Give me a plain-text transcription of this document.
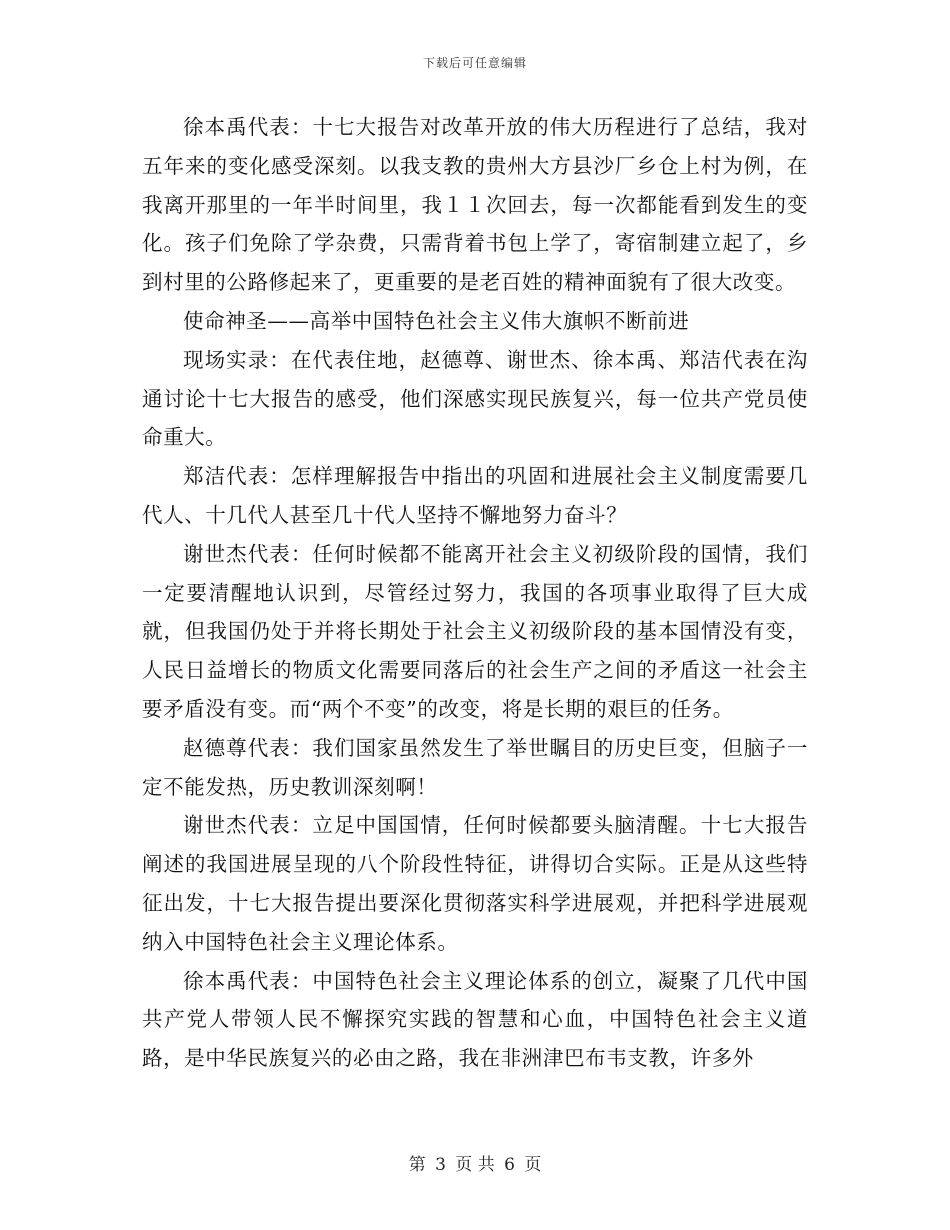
下载后可任意编辑

徐本禹代表：十七大报告对改革开放的伟大历程进行了总结，我对五年来的变化感受深刻。以我支教的贵州大方县沙厂乡仓上村为例，在我离开那里的一年半时间里，我１１次回去，每一次都能看到发生的变化。孩子们免除了学杂费，只需背着书包上学了，寄宿制建立起了，乡到村里的公路修起来了，更重要的是老百姓的精神面貌有了很大改变。

使命神圣——高举中国特色社会主义伟大旗帜不断前进

现场实录：在代表住地，赵德尊、谢世杰、徐本禹、郑洁代表在沟通讨论十七大报告的感受，他们深感实现民族复兴，每一位共产党员使命重大。

郑洁代表：怎样理解报告中指出的巩固和进展社会主义制度需要几代人、十几代人甚至几十代人坚持不懈地努力奋斗？

谢世杰代表：任何时候都不能离开社会主义初级阶段的国情，我们一定要清醒地认识到，尽管经过努力，我国的各项事业取得了巨大成就，但我国仍处于并将长期处于社会主义初级阶段的基本国情没有变，人民日益增长的物质文化需要同落后的社会生产之间的矛盾这一社会主要矛盾没有变。而“两个不变”的改变，将是长期的艰巨的任务。

赵德尊代表：我们国家虽然发生了举世瞩目的历史巨变，但脑子一定不能发热，历史教训深刻啊！

谢世杰代表：立足中国国情，任何时候都要头脑清醒。十七大报告阐述的我国进展呈现的八个阶段性特征，讲得切合实际。正是从这些特征出发，十七大报告提出要深化贯彻落实科学进展观，并把科学进展观纳入中国特色社会主义理论体系。

徐本禹代表：中国特色社会主义理论体系的创立，凝聚了几代中国共产党人带领人民不懈探究实践的智慧和心血，中国特色社会主义道路，是中华民族复兴的必由之路，我在非洲津巴布韦支教，许多外

第 3 页 共 6 页
